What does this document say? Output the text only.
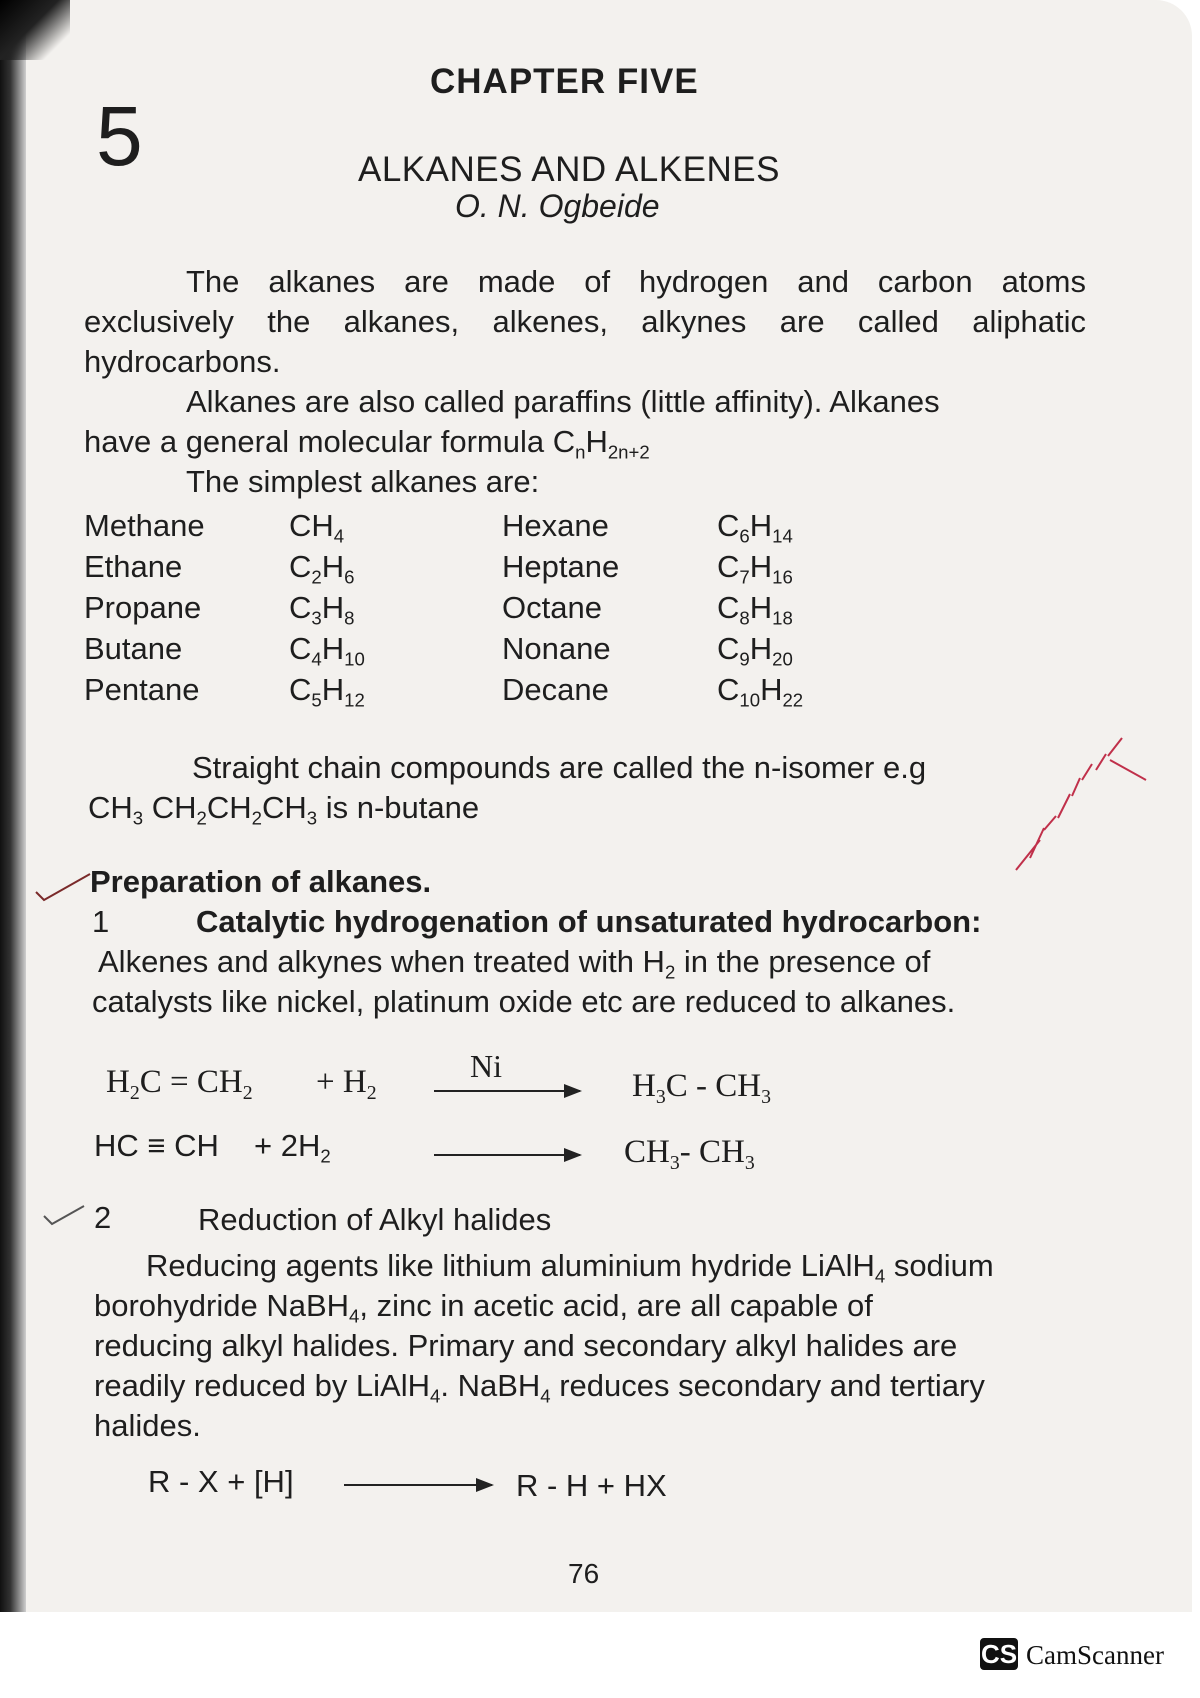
5
CHAPTER FIVE
ALKANES AND ALKENES
O. N. Ogbeide
The alkanes are made of hydrogen and carbon atoms
exclusively the alkanes, alkenes, alkynes are called aliphatic
hydrocarbons.
Alkanes are also called paraffins (little affinity). Alkanes
have a general molecular formula $C_nH_{2n+2}$
The simplest alkanes are:
Methane	$CH_4$	Hexane	$C_6H_{14}$
Ethane	$C_2H_6$	Heptane	$C_7H_{16}$
Propane	$C_3H_8$	Octane	$C_8H_{18}$
Butane	$C_4H_{10}$	Nonane	$C_9H_{20}$
Pentane	$C_5H_{12}$	Decane	$C_{10}H_{22}$
Straight chain compounds are called the n-isomer e.g
$CH_3$ $CH_2CH_2CH_3$ is n-butane
Preparation of alkanes.
1	Catalytic hydrogenation of unsaturated hydrocarbon:
Alkenes and alkynes when treated with $H_2$ in the presence of
catalysts like nickel, platinum oxide etc are reduced to alkanes.
$H_2C = CH_2 + H_2$
Ni
$H_3C - CH_3$
HC ≡ CH + $2H_2$	$CH_3-$ $CH_3$
2	Reduction of Alkyl halides
Reducing agents like lithium aluminium hydride LiAlH$_4$ sodium
borohydride NaBH$_4$, zinc in acetic acid, are all capable of
reducing alkyl halides. Primary and secondary alkyl halides are
readily reduced by LiAlH$_4$. NaBH$_4$ reduces secondary and tertiary
halides.
R - X + [H]	R - H + HX
76
CS CamScanner
